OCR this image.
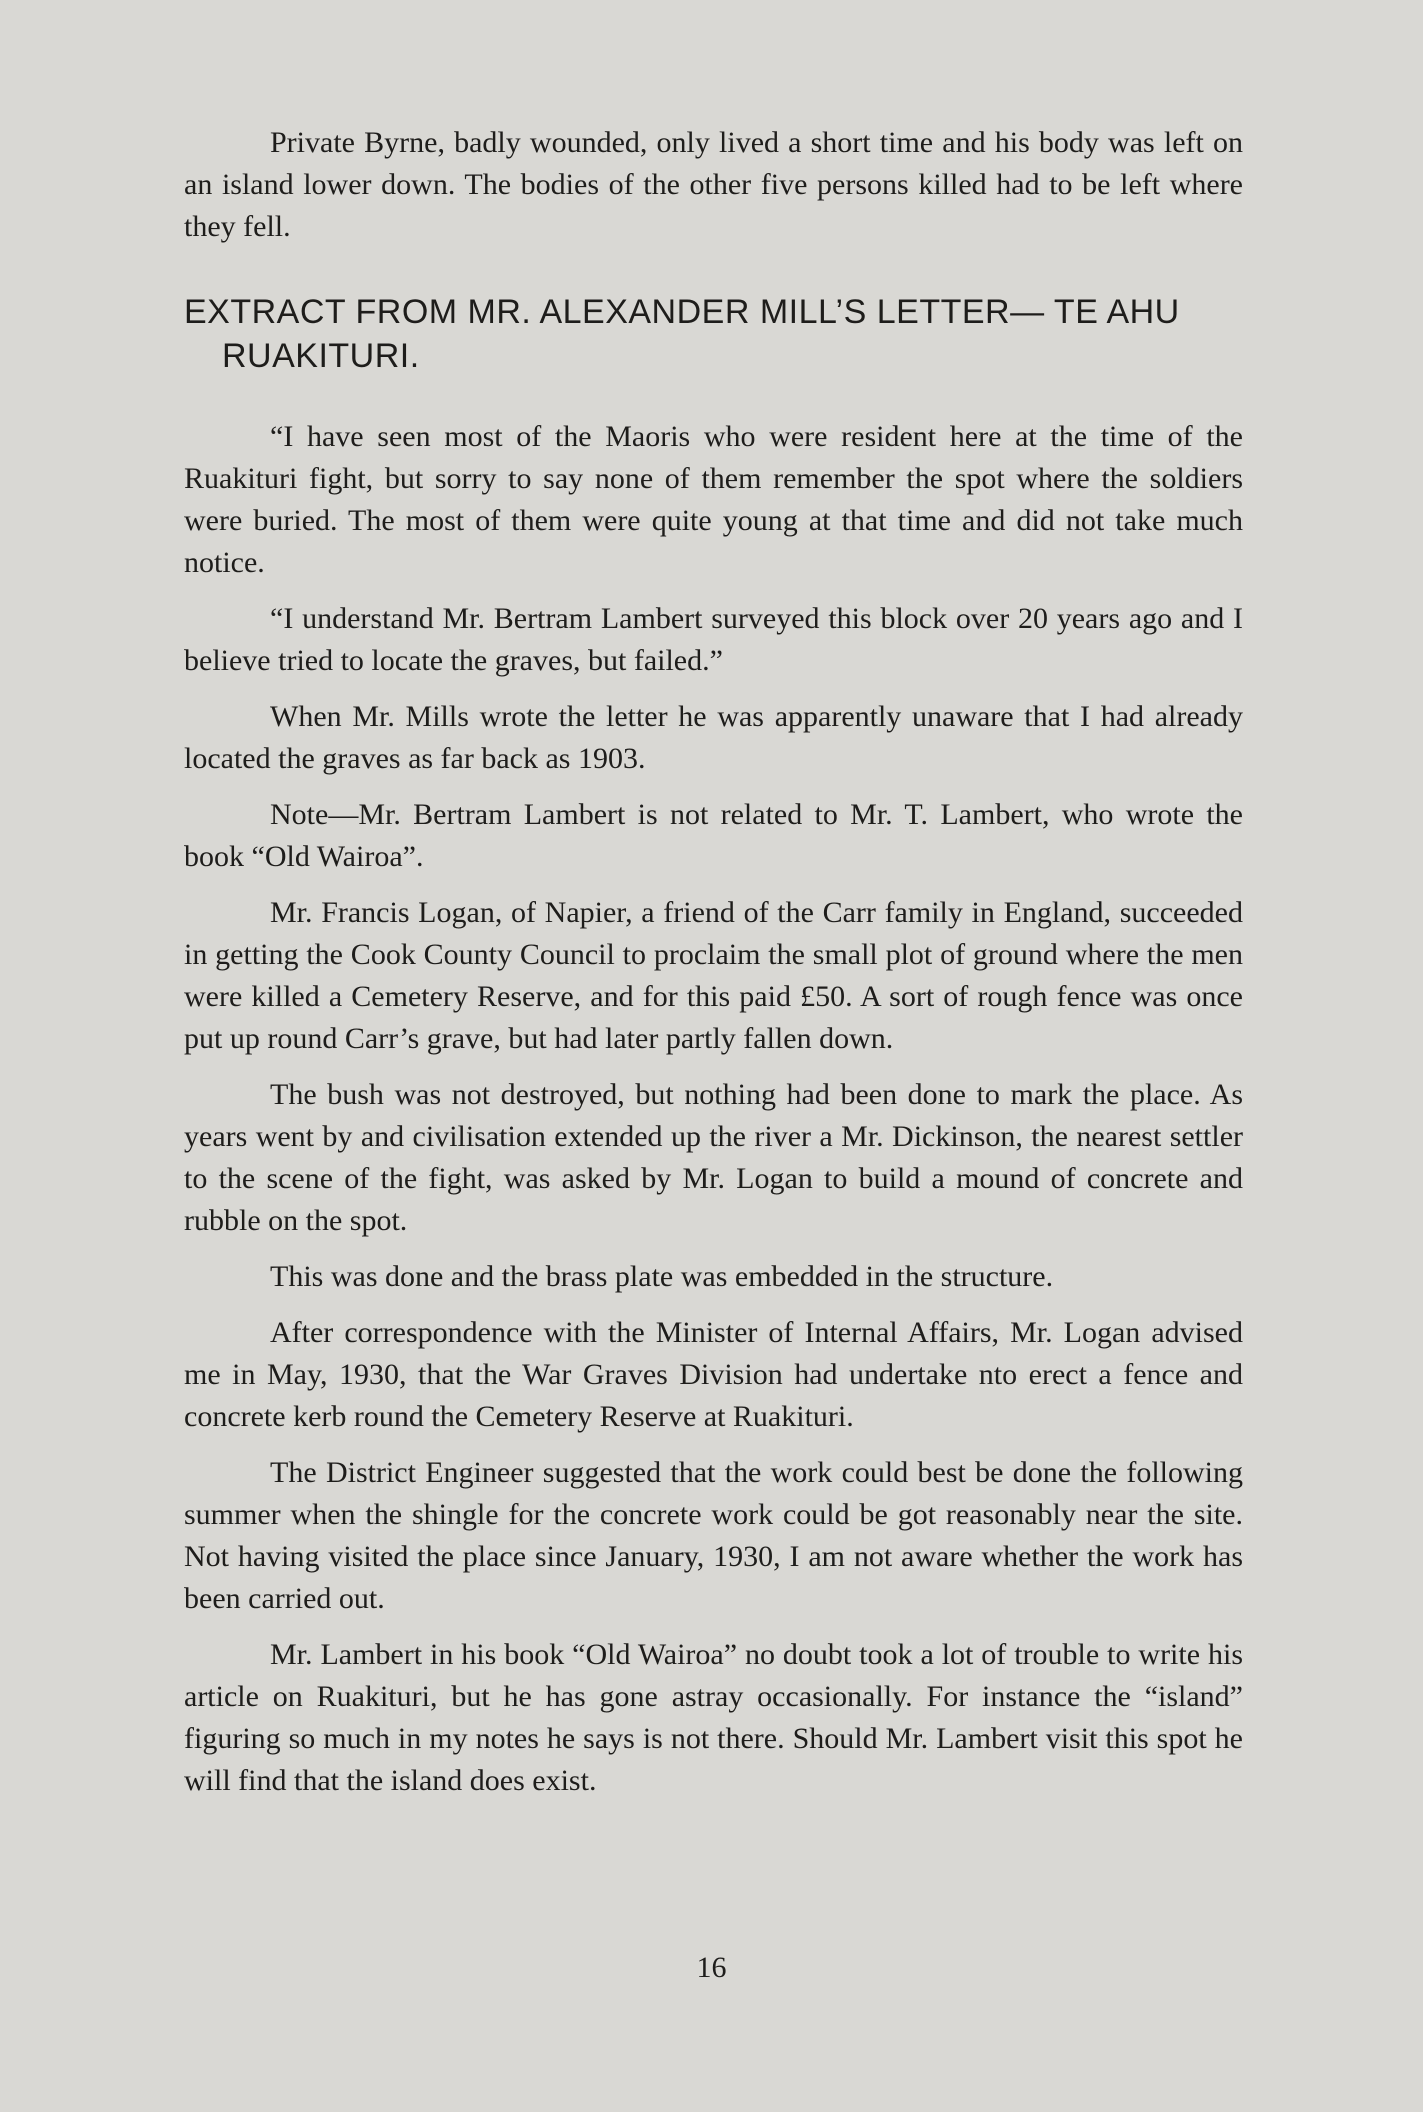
Private Byrne, badly wounded, only lived a short time and his body was left on an island lower down. The bodies of the other five persons killed had to be left where they fell.

EXTRACT FROM MR. ALEXANDER MILL’S LETTER— TE AHU RUAKITURI.

“I have seen most of the Maoris who were resident here at the time of the Ruakituri fight, but sorry to say none of them remember the spot where the soldiers were buried. The most of them were quite young at that time and did not take much notice.

“I understand Mr. Bertram Lambert surveyed this block over 20 years ago and I believe tried to locate the graves, but failed.”

When Mr. Mills wrote the letter he was apparently unaware that I had already located the graves as far back as 1903.

Note—Mr. Bertram Lambert is not related to Mr. T. Lambert, who wrote the book “Old Wairoa”.

Mr. Francis Logan, of Napier, a friend of the Carr family in England, succeeded in getting the Cook County Council to proclaim the small plot of ground where the men were killed a Cemetery Reserve, and for this paid £50. A sort of rough fence was once put up round Carr’s grave, but had later partly fallen down.

The bush was not destroyed, but nothing had been done to mark the place. As years went by and civilisation extended up the river a Mr. Dickinson, the nearest settler to the scene of the fight, was asked by Mr. Logan to build a mound of concrete and rubble on the spot.

This was done and the brass plate was embedded in the structure.

After correspondence with the Minister of Internal Affairs, Mr. Logan advised me in May, 1930, that the War Graves Division had undertake nto erect a fence and concrete kerb round the Cemetery Reserve at Ruakituri.

The District Engineer suggested that the work could best be done the following summer when the shingle for the concrete work could be got reasonably near the site. Not having visited the place since January, 1930, I am not aware whether the work has been carried out.

Mr. Lambert in his book “Old Wairoa” no doubt took a lot of trouble to write his article on Ruakituri, but he has gone astray occasionally. For instance the “island” figuring so much in my notes he says is not there. Should Mr. Lambert visit this spot he will find that the island does exist.

16
